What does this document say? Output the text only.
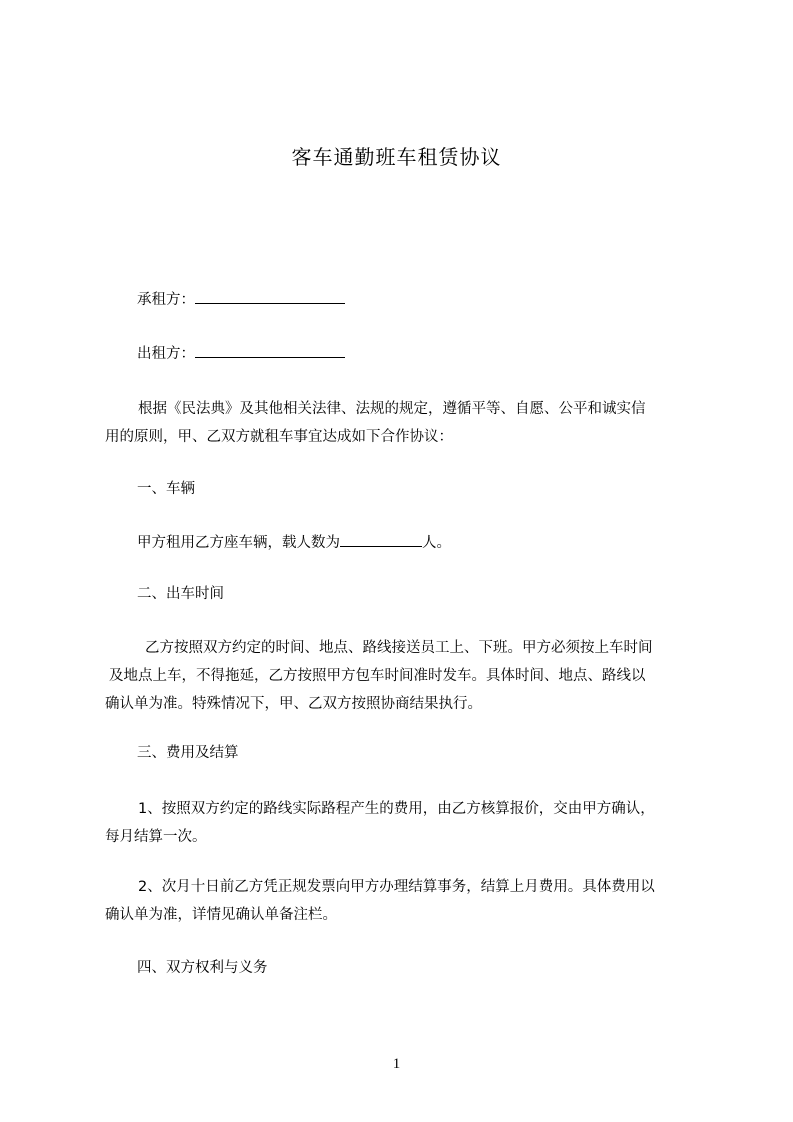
客车通勤班车租赁协议

承租方：

出租方：

根据《民法典》及其他相关法律、法规的规定，遵循平等、自愿、公平和诚实信
用的原则，甲、乙双方就租车事宜达成如下合作协议：

一、车辆

甲方租用乙方座车辆，载人数为	人。

二、出车时间

乙方按照双方约定的时间、地点、路线接送员工上、下班。甲方必须按上车时间
及地点上车，不得拖延，乙方按照甲方包车时间准时发车。具体时间、地点、路线以
确认单为准。特殊情况下，甲、乙双方按照协商结果执行。

三、费用及结算

1、按照双方约定的路线实际路程产生的费用，由乙方核算报价，交由甲方确认，
每月结算一次。
2、次月十日前乙方凭正规发票向甲方办理结算事务，结算上月费用。具体费用以
确认单为准，详情见确认单备注栏。

四、双方权利与义务

1
